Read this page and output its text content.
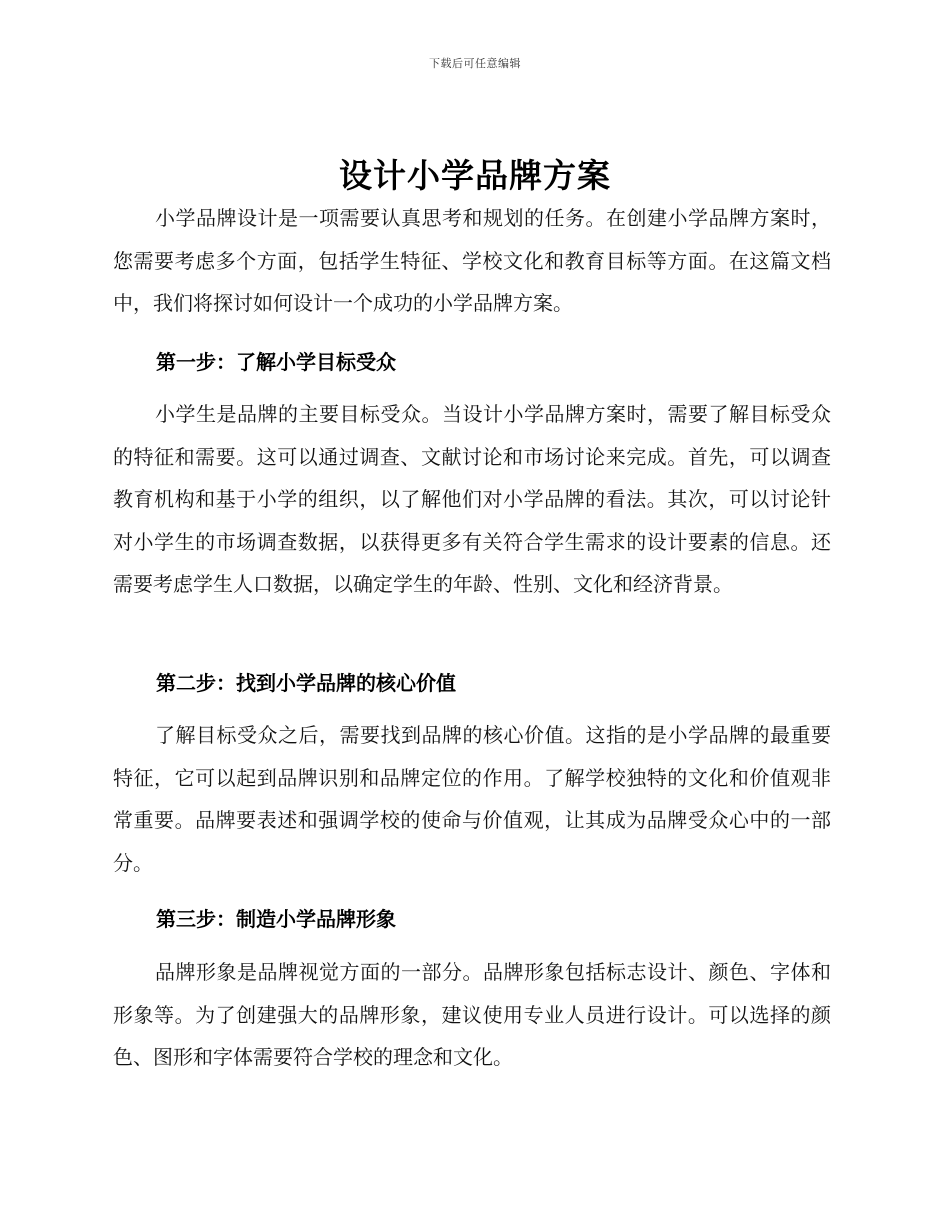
下载后可任意编辑
设计小学品牌方案

小学品牌设计是一项需要认真思考和规划的任务。在创建小学品牌方案时，您需要考虑多个方面，包括学生特征、学校文化和教育目标等方面。在这篇文档中，我们将探讨如何设计一个成功的小学品牌方案。

第一步：了解小学目标受众

小学生是品牌的主要目标受众。当设计小学品牌方案时，需要了解目标受众的特征和需要。这可以通过调查、文献讨论和市场讨论来完成。首先，可以调查教育机构和基于小学的组织，以了解他们对小学品牌的看法。其次，可以讨论针对小学生的市场调查数据，以获得更多有关符合学生需求的设计要素的信息。还需要考虑学生人口数据，以确定学生的年龄、性别、文化和经济背景。

第二步：找到小学品牌的核心价值

了解目标受众之后，需要找到品牌的核心价值。这指的是小学品牌的最重要特征，它可以起到品牌识别和品牌定位的作用。了解学校独特的文化和价值观非常重要。品牌要表述和强调学校的使命与价值观，让其成为品牌受众心中的一部分。

第三步：制造小学品牌形象

品牌形象是品牌视觉方面的一部分。品牌形象包括标志设计、颜色、字体和形象等。为了创建强大的品牌形象，建议使用专业人员进行设计。可以选择的颜色、图形和字体需要符合学校的理念和文化。
